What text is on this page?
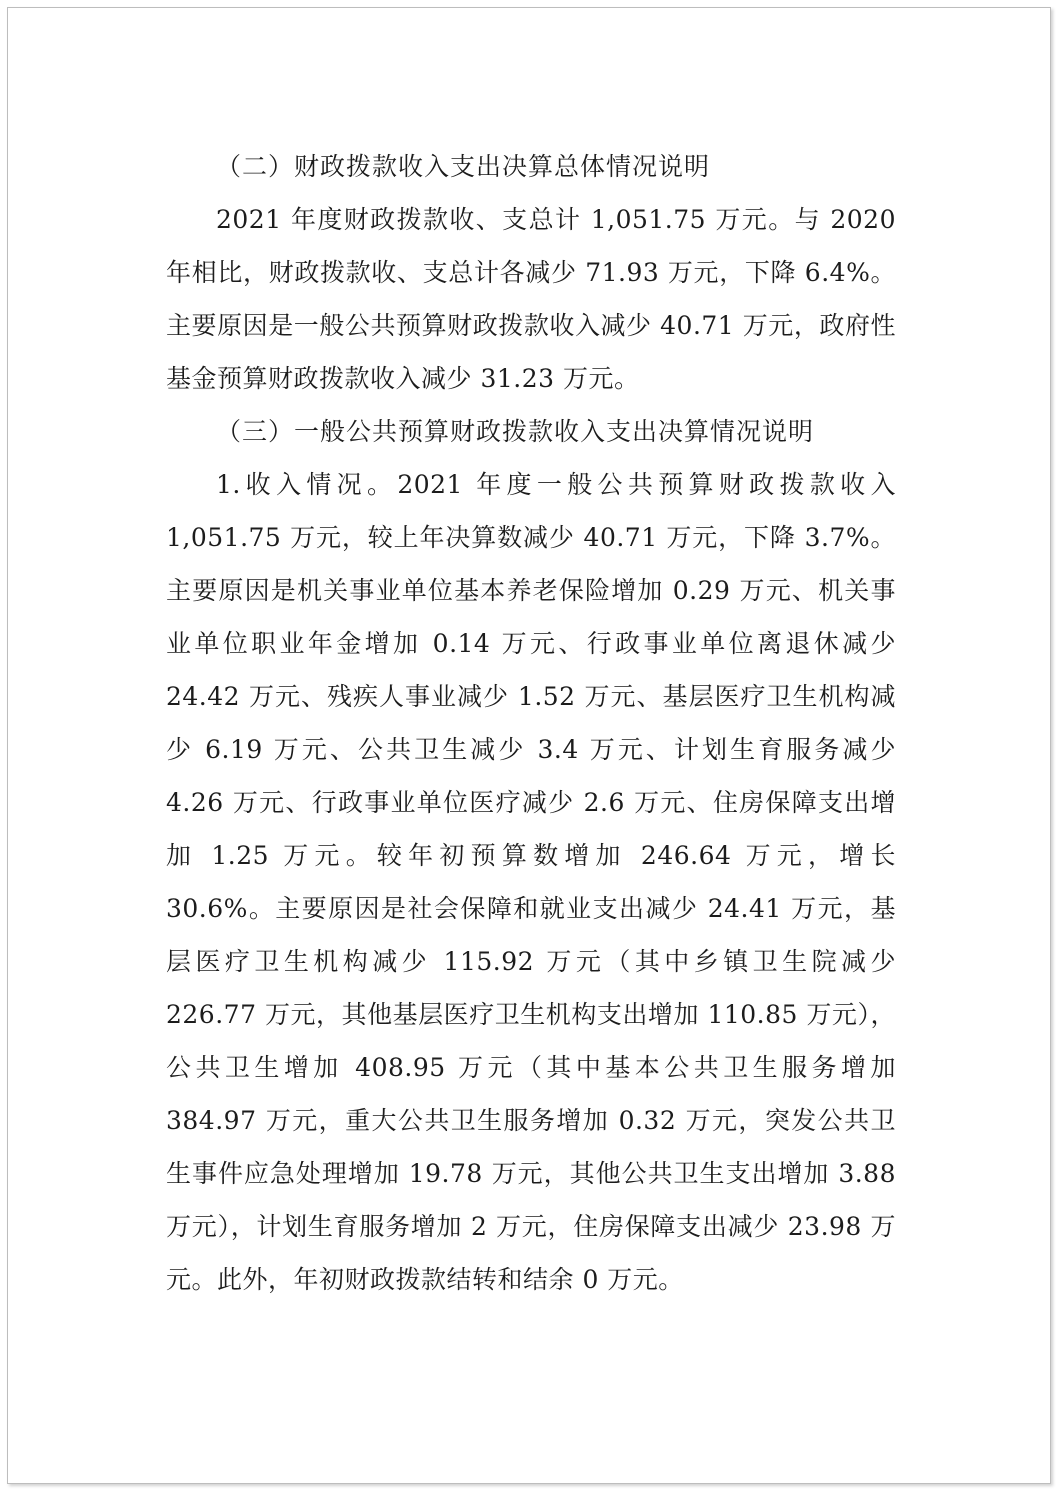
（二）财政拨款收入支出决算总体情况说明

2021 年度财政拨款收、支总计 1,051.75 万元。与 2020 年相比，财政拨款收、支总计各减少 71.93 万元，下降 6.4%。主要原因是一般公共预算财政拨款收入减少 40.71 万元，政府性基金预算财政拨款收入减少 31.23 万元。

（三）一般公共预算财政拨款收入支出决算情况说明

1.收入情况。2021 年度一般公共预算财政拨款收入 1,051.75 万元，较上年决算数减少 40.71 万元，下降 3.7%。主要原因是机关事业单位基本养老保险增加 0.29 万元、机关事业单位职业年金增加 0.14 万元、行政事业单位离退休减少 24.42 万元、残疾人事业减少 1.52 万元、基层医疗卫生机构减少 6.19 万元、公共卫生减少 3.4 万元、计划生育服务减少 4.26 万元、行政事业单位医疗减少 2.6 万元、住房保障支出增加 1.25 万元。较年初预算数增加 246.64 万元，增长 30.6%。主要原因是社会保障和就业支出减少 24.41 万元，基层医疗卫生机构减少 115.92 万元（其中乡镇卫生院减少 226.77 万元，其他基层医疗卫生机构支出增加 110.85 万元），公共卫生增加 408.95 万元（其中基本公共卫生服务增加 384.97 万元，重大公共卫生服务增加 0.32 万元，突发公共卫生事件应急处理增加 19.78 万元，其他公共卫生支出增加 3.88 万元），计划生育服务增加 2 万元，住房保障支出减少 23.98 万元。此外，年初财政拨款结转和结余 0 万元。
